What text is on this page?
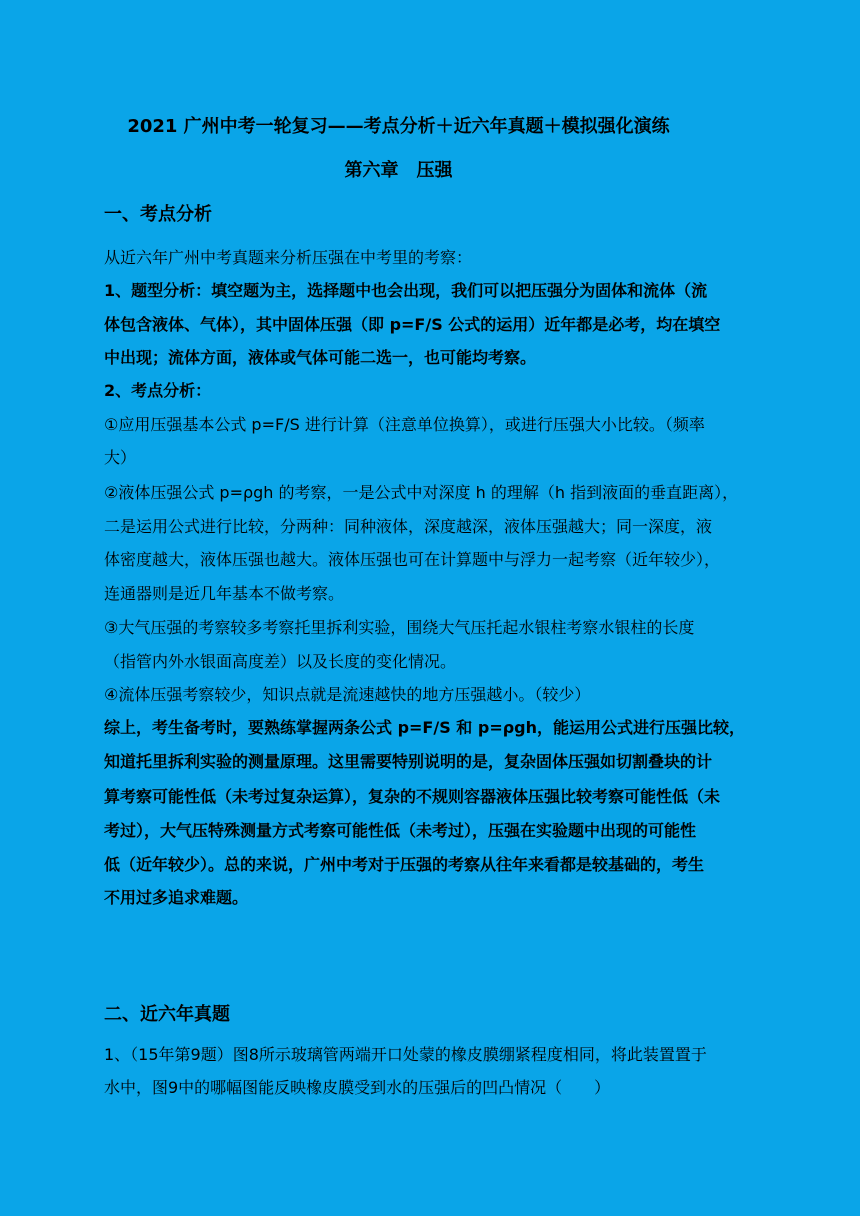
2021 广州中考一轮复习——考点分析＋近六年真题＋模拟强化演练
第六章　压强
一、考点分析
从近六年广州中考真题来分析压强在中考里的考察：
1、题型分析：填空题为主，选择题中也会出现，我们可以把压强分为固体和流体（流
体包含液体、气体），其中固体压强（即 p=F/S 公式的运用）近年都是必考，均在填空
中出现；流体方面，液体或气体可能二选一，也可能均考察。
2、考点分析：
①应用压强基本公式 p=F/S 进行计算（注意单位换算），或进行压强大小比较。（频率
大）
②液体压强公式 p=ρgh 的考察，一是公式中对深度 h 的理解（h 指到液面的垂直距离），
二是运用公式进行比较，分两种：同种液体，深度越深，液体压强越大；同一深度，液
体密度越大，液体压强也越大。液体压强也可在计算题中与浮力一起考察（近年较少），
连通器则是近几年基本不做考察。
③大气压强的考察较多考察托里拆利实验，围绕大气压托起水银柱考察水银柱的长度
（指管内外水银面高度差）以及长度的变化情况。
④流体压强考察较少，知识点就是流速越快的地方压强越小。（较少）
综上，考生备考时，要熟练掌握两条公式 p=F/S 和 p=ρgh，能运用公式进行压强比较，
知道托里拆利实验的测量原理。这里需要特别说明的是，复杂固体压强如切割叠块的计
算考察可能性低（未考过复杂运算），复杂的不规则容器液体压强比较考察可能性低（未
考过），大气压特殊测量方式考察可能性低（未考过），压强在实验题中出现的可能性
低（近年较少）。总的来说，广州中考对于压强的考察从往年来看都是较基础的，考生
不用过多追求难题。
二、近六年真题
1、（15年第9题）图8所示玻璃管两端开口处蒙的橡皮膜绷紧程度相同，将此装置置于
水中，图9中的哪幅图能反映橡皮膜受到水的压强后的凹凸情况（　　）
